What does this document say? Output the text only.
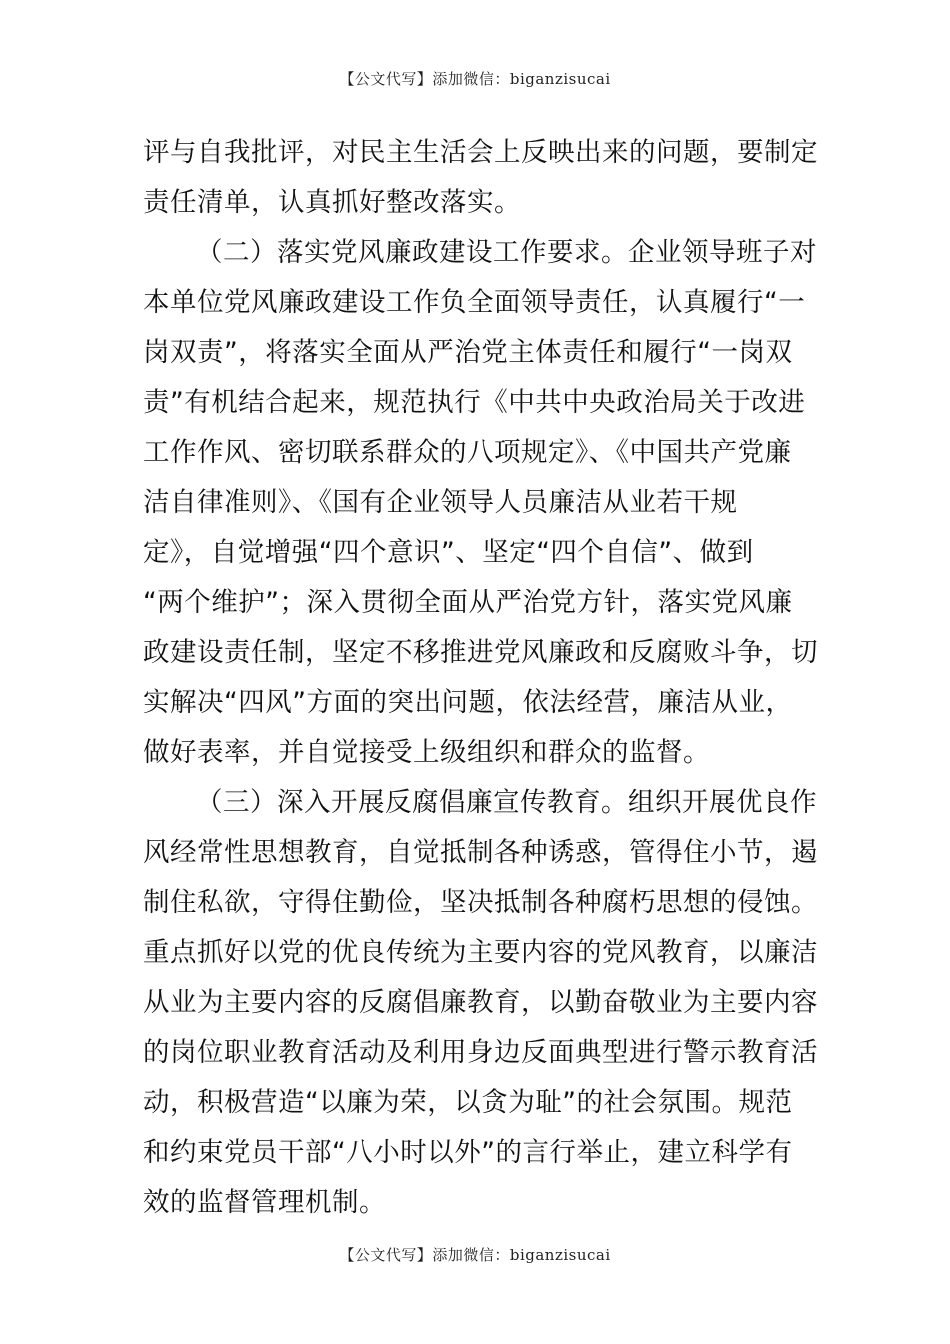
【公文代写】添加微信：biganzisucai
评与自我批评，对民主生活会上反映出来的问题，要制定
责任清单，认真抓好整改落实。
（二）落实党风廉政建设工作要求。企业领导班子对
本单位党风廉政建设工作负全面领导责任，认真履行“一
岗双责”，将落实全面从严治党主体责任和履行“一岗双
责”有机结合起来，规范执行《中共中央政治局关于改进
工作作风、密切联系群众的八项规定》、《中国共产党廉
洁自律准则》、《国有企业领导人员廉洁从业若干规
定》，自觉增强“四个意识”、坚定“四个自信”、做到
“两个维护”；深入贯彻全面从严治党方针，落实党风廉
政建设责任制，坚定不移推进党风廉政和反腐败斗争，切
实解决“四风”方面的突出问题，依法经营，廉洁从业，
做好表率，并自觉接受上级组织和群众的监督。
（三）深入开展反腐倡廉宣传教育。组织开展优良作
风经常性思想教育，自觉抵制各种诱惑，管得住小节，遏
制住私欲，守得住勤俭，坚决抵制各种腐朽思想的侵蚀。
重点抓好以党的优良传统为主要内容的党风教育，以廉洁
从业为主要内容的反腐倡廉教育，以勤奋敬业为主要内容
的岗位职业教育活动及利用身边反面典型进行警示教育活
动，积极营造“以廉为荣，以贪为耻”的社会氛围。规范
和约束党员干部“八小时以外”的言行举止，建立科学有
效的监督管理机制。
【公文代写】添加微信：biganzisucai
